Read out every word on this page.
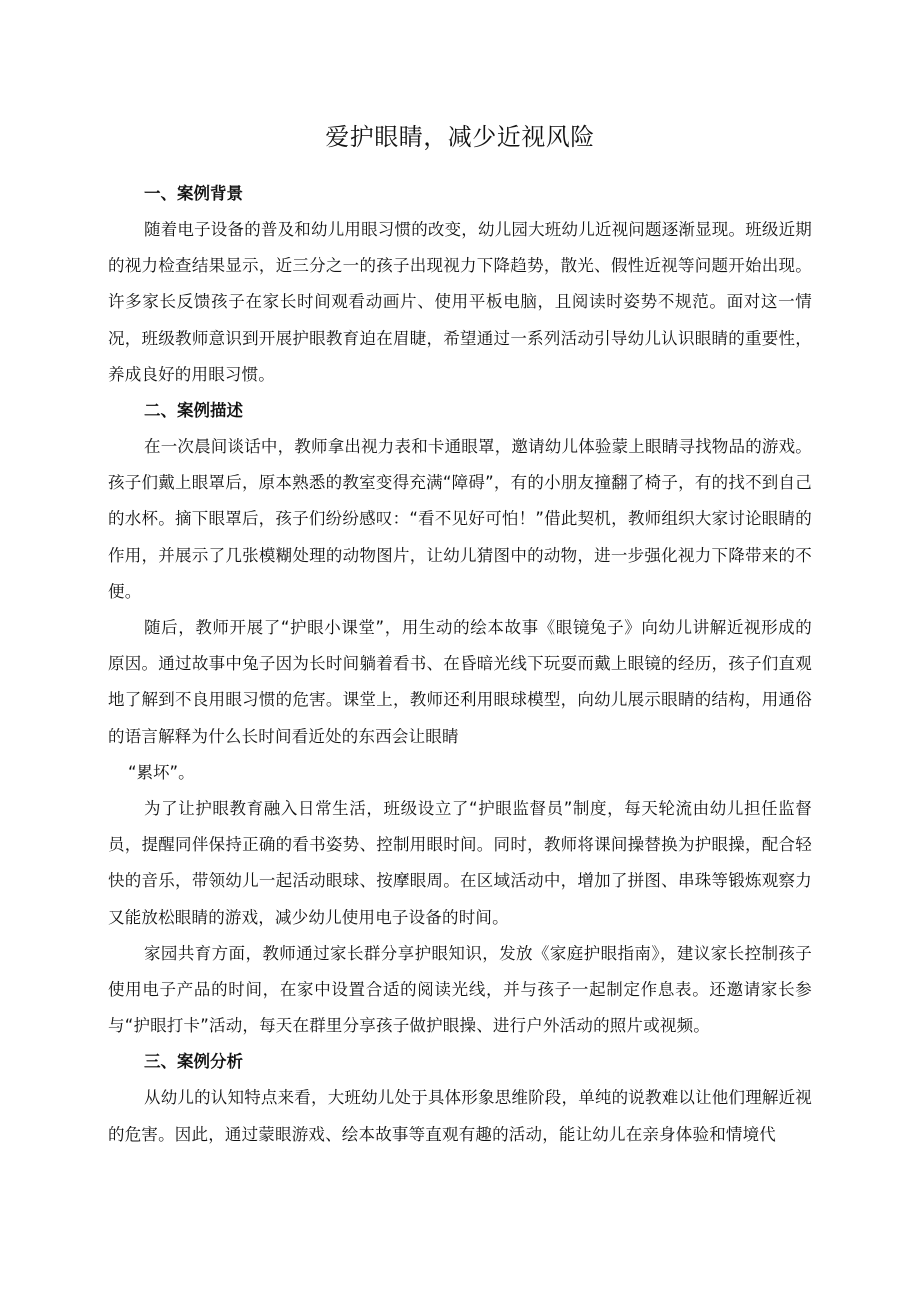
爱护眼睛，减少近视风险
一、案例背景

随着电子设备的普及和幼儿用眼习惯的改变，幼儿园大班幼儿近视问题逐渐显现。班级近期的视力检查结果显示，近三分之一的孩子出现视力下降趋势，散光、假性近视等问题开始出现。许多家长反馈孩子在家长时间观看动画片、使用平板电脑，且阅读时姿势不规范。面对这一情况，班级教师意识到开展护眼教育迫在眉睫，希望通过一系列活动引导幼儿认识眼睛的重要性，养成良好的用眼习惯。

二、案例描述

在一次晨间谈话中，教师拿出视力表和卡通眼罩，邀请幼儿体验蒙上眼睛寻找物品的游戏。孩子们戴上眼罩后，原本熟悉的教室变得充满“障碍”，有的小朋友撞翻了椅子，有的找不到自己的水杯。摘下眼罩后，孩子们纷纷感叹：“看不见好可怕！”借此契机，教师组织大家讨论眼睛的作用，并展示了几张模糊处理的动物图片，让幼儿猜图中的动物，进一步强化视力下降带来的不便。

随后，教师开展了“护眼小课堂”，用生动的绘本故事《眼镜兔子》向幼儿讲解近视形成的原因。通过故事中兔子因为长时间躺着看书、在昏暗光线下玩耍而戴上眼镜的经历，孩子们直观地了解到不良用眼习惯的危害。课堂上，教师还利用眼球模型，向幼儿展示眼睛的结构，用通俗的语言解释为什么长时间看近处的东西会让眼睛

“累坏”。

为了让护眼教育融入日常生活，班级设立了“护眼监督员”制度，每天轮流由幼儿担任监督员，提醒同伴保持正确的看书姿势、控制用眼时间。同时，教师将课间操替换为护眼操，配合轻快的音乐，带领幼儿一起活动眼球、按摩眼周。在区域活动中，增加了拼图、串珠等锻炼观察力又能放松眼睛的游戏，减少幼儿使用电子设备的时间。

家园共育方面，教师通过家长群分享护眼知识，发放《家庭护眼指南》，建议家长控制孩子使用电子产品的时间，在家中设置合适的阅读光线，并与孩子一起制定作息表。还邀请家长参与“护眼打卡”活动，每天在群里分享孩子做护眼操、进行户外活动的照片或视频。

三、案例分析

从幼儿的认知特点来看，大班幼儿处于具体形象思维阶段，单纯的说教难以让他们理解近视的危害。因此，通过蒙眼游戏、绘本故事等直观有趣的活动，能让幼儿在亲身体验和情境代
